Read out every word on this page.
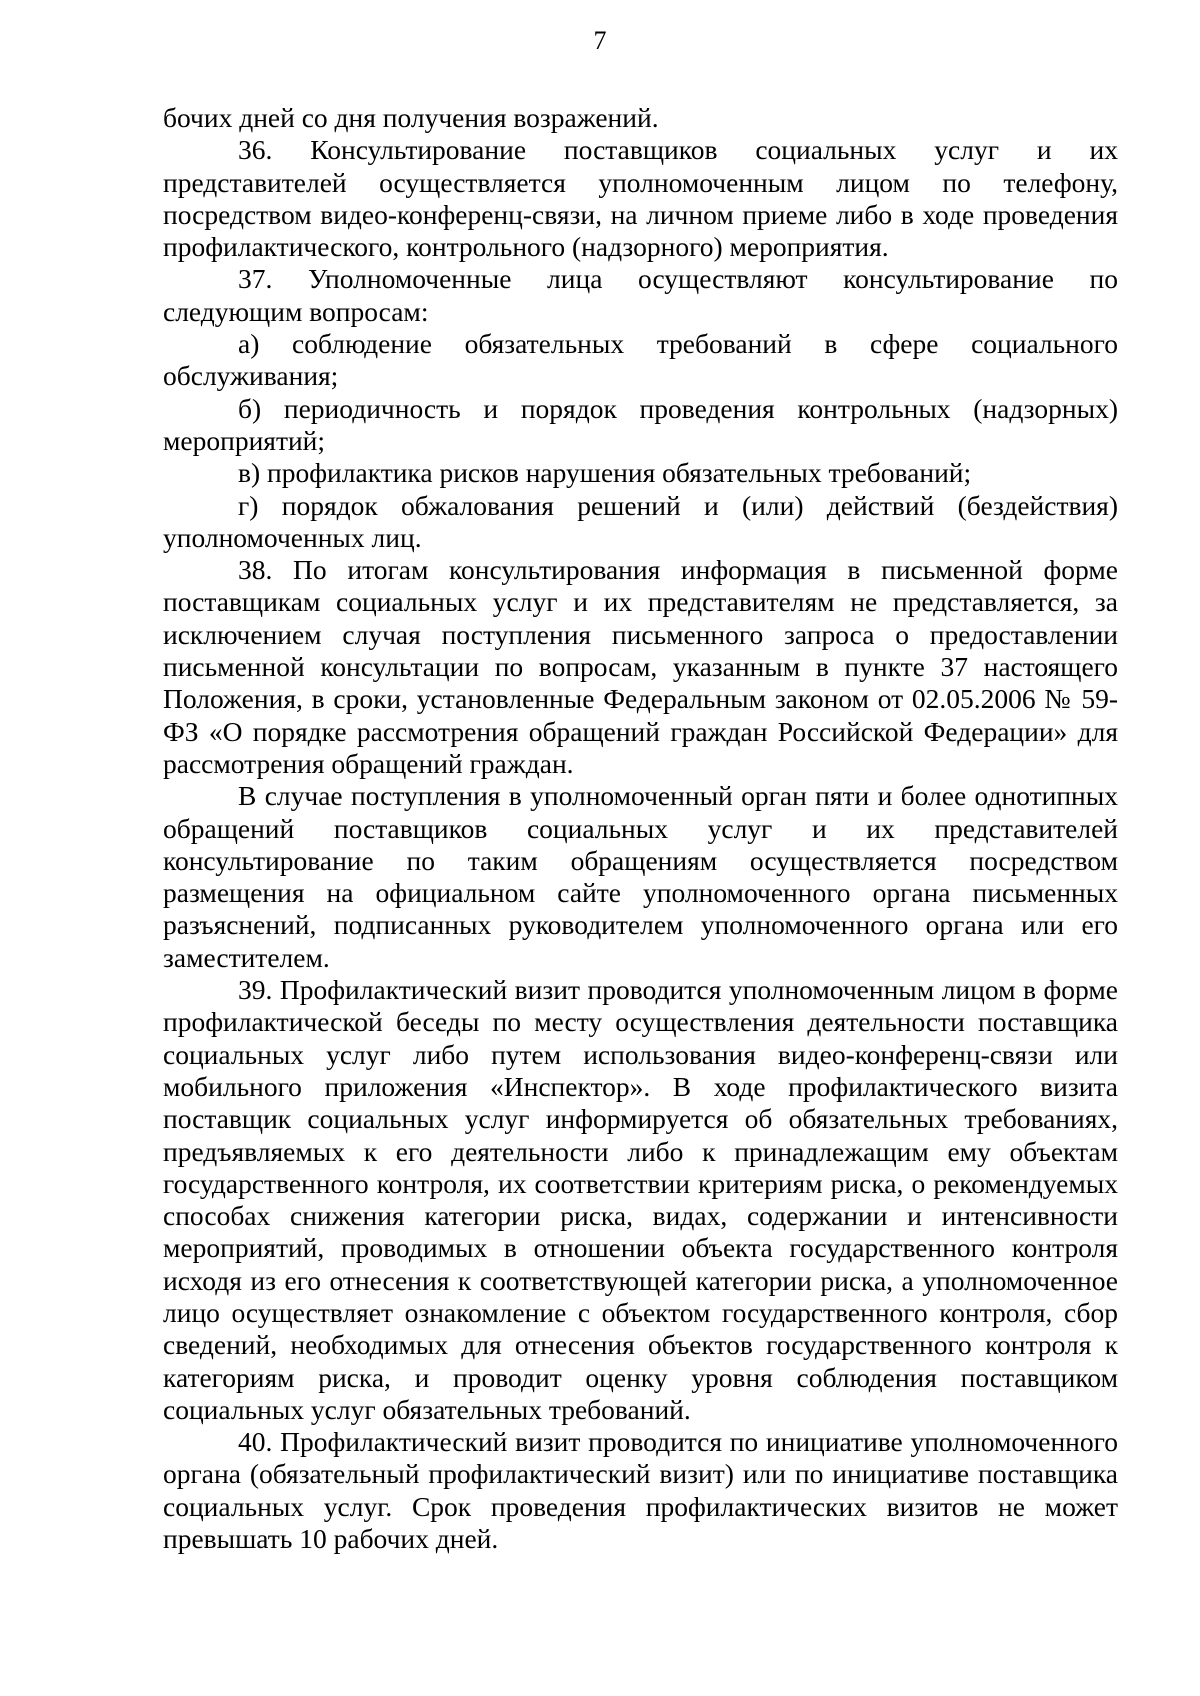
7

бочих дней со дня получения возражений.

36. Консультирование поставщиков социальных услуг и их представителей осуществляется уполномоченным лицом по телефону, посредством видео-конференц-связи, на личном приеме либо в ходе проведения профилактического, контрольного (надзорного) мероприятия.

37. Уполномоченные лица осуществляют консультирование по следующим вопросам:

а) соблюдение обязательных требований в сфере социального обслуживания;

б) периодичность и порядок проведения контрольных (надзорных) мероприятий;

в) профилактика рисков нарушения обязательных требований;

г) порядок обжалования решений и (или) действий (бездействия) уполномоченных лиц.

38. По итогам консультирования информация в письменной форме поставщикам социальных услуг и их представителям не представляется, за исключением случая поступления письменного запроса о предоставлении письменной консультации по вопросам, указанным в пункте 37 настоящего Положения, в сроки, установленные Федеральным законом от 02.05.2006 № 59-ФЗ «О порядке рассмотрения обращений граждан Российской Федерации» для рассмотрения обращений граждан.

В случае поступления в уполномоченный орган пяти и более однотипных обращений поставщиков социальных услуг и их представителей консультирование по таким обращениям осуществляется посредством размещения на официальном сайте уполномоченного органа письменных разъяснений, подписанных руководителем уполномоченного органа или его заместителем.

39. Профилактический визит проводится уполномоченным лицом в форме профилактической беседы по месту осуществления деятельности поставщика социальных услуг либо путем использования видео-конференц-связи или мобильного приложения «Инспектор». В ходе профилактического визита поставщик социальных услуг информируется об обязательных требованиях, предъявляемых к его деятельности либо к принадлежащим ему объектам государственного контроля, их соответствии критериям риска, о рекомендуемых способах снижения категории риска, видах, содержании и интенсивности мероприятий, проводимых в отношении объекта государственного контроля исходя из его отнесения к соответствующей категории риска, а уполномоченное лицо осуществляет ознакомление с объектом государственного контроля, сбор сведений, необходимых для отнесения объектов государственного контроля к категориям риска, и проводит оценку уровня соблюдения поставщиком социальных услуг обязательных требований.

40. Профилактический визит проводится по инициативе уполномоченного органа (обязательный профилактический визит) или по инициативе поставщика социальных услуг. Срок проведения профилактических визитов не может превышать 10 рабочих дней.
